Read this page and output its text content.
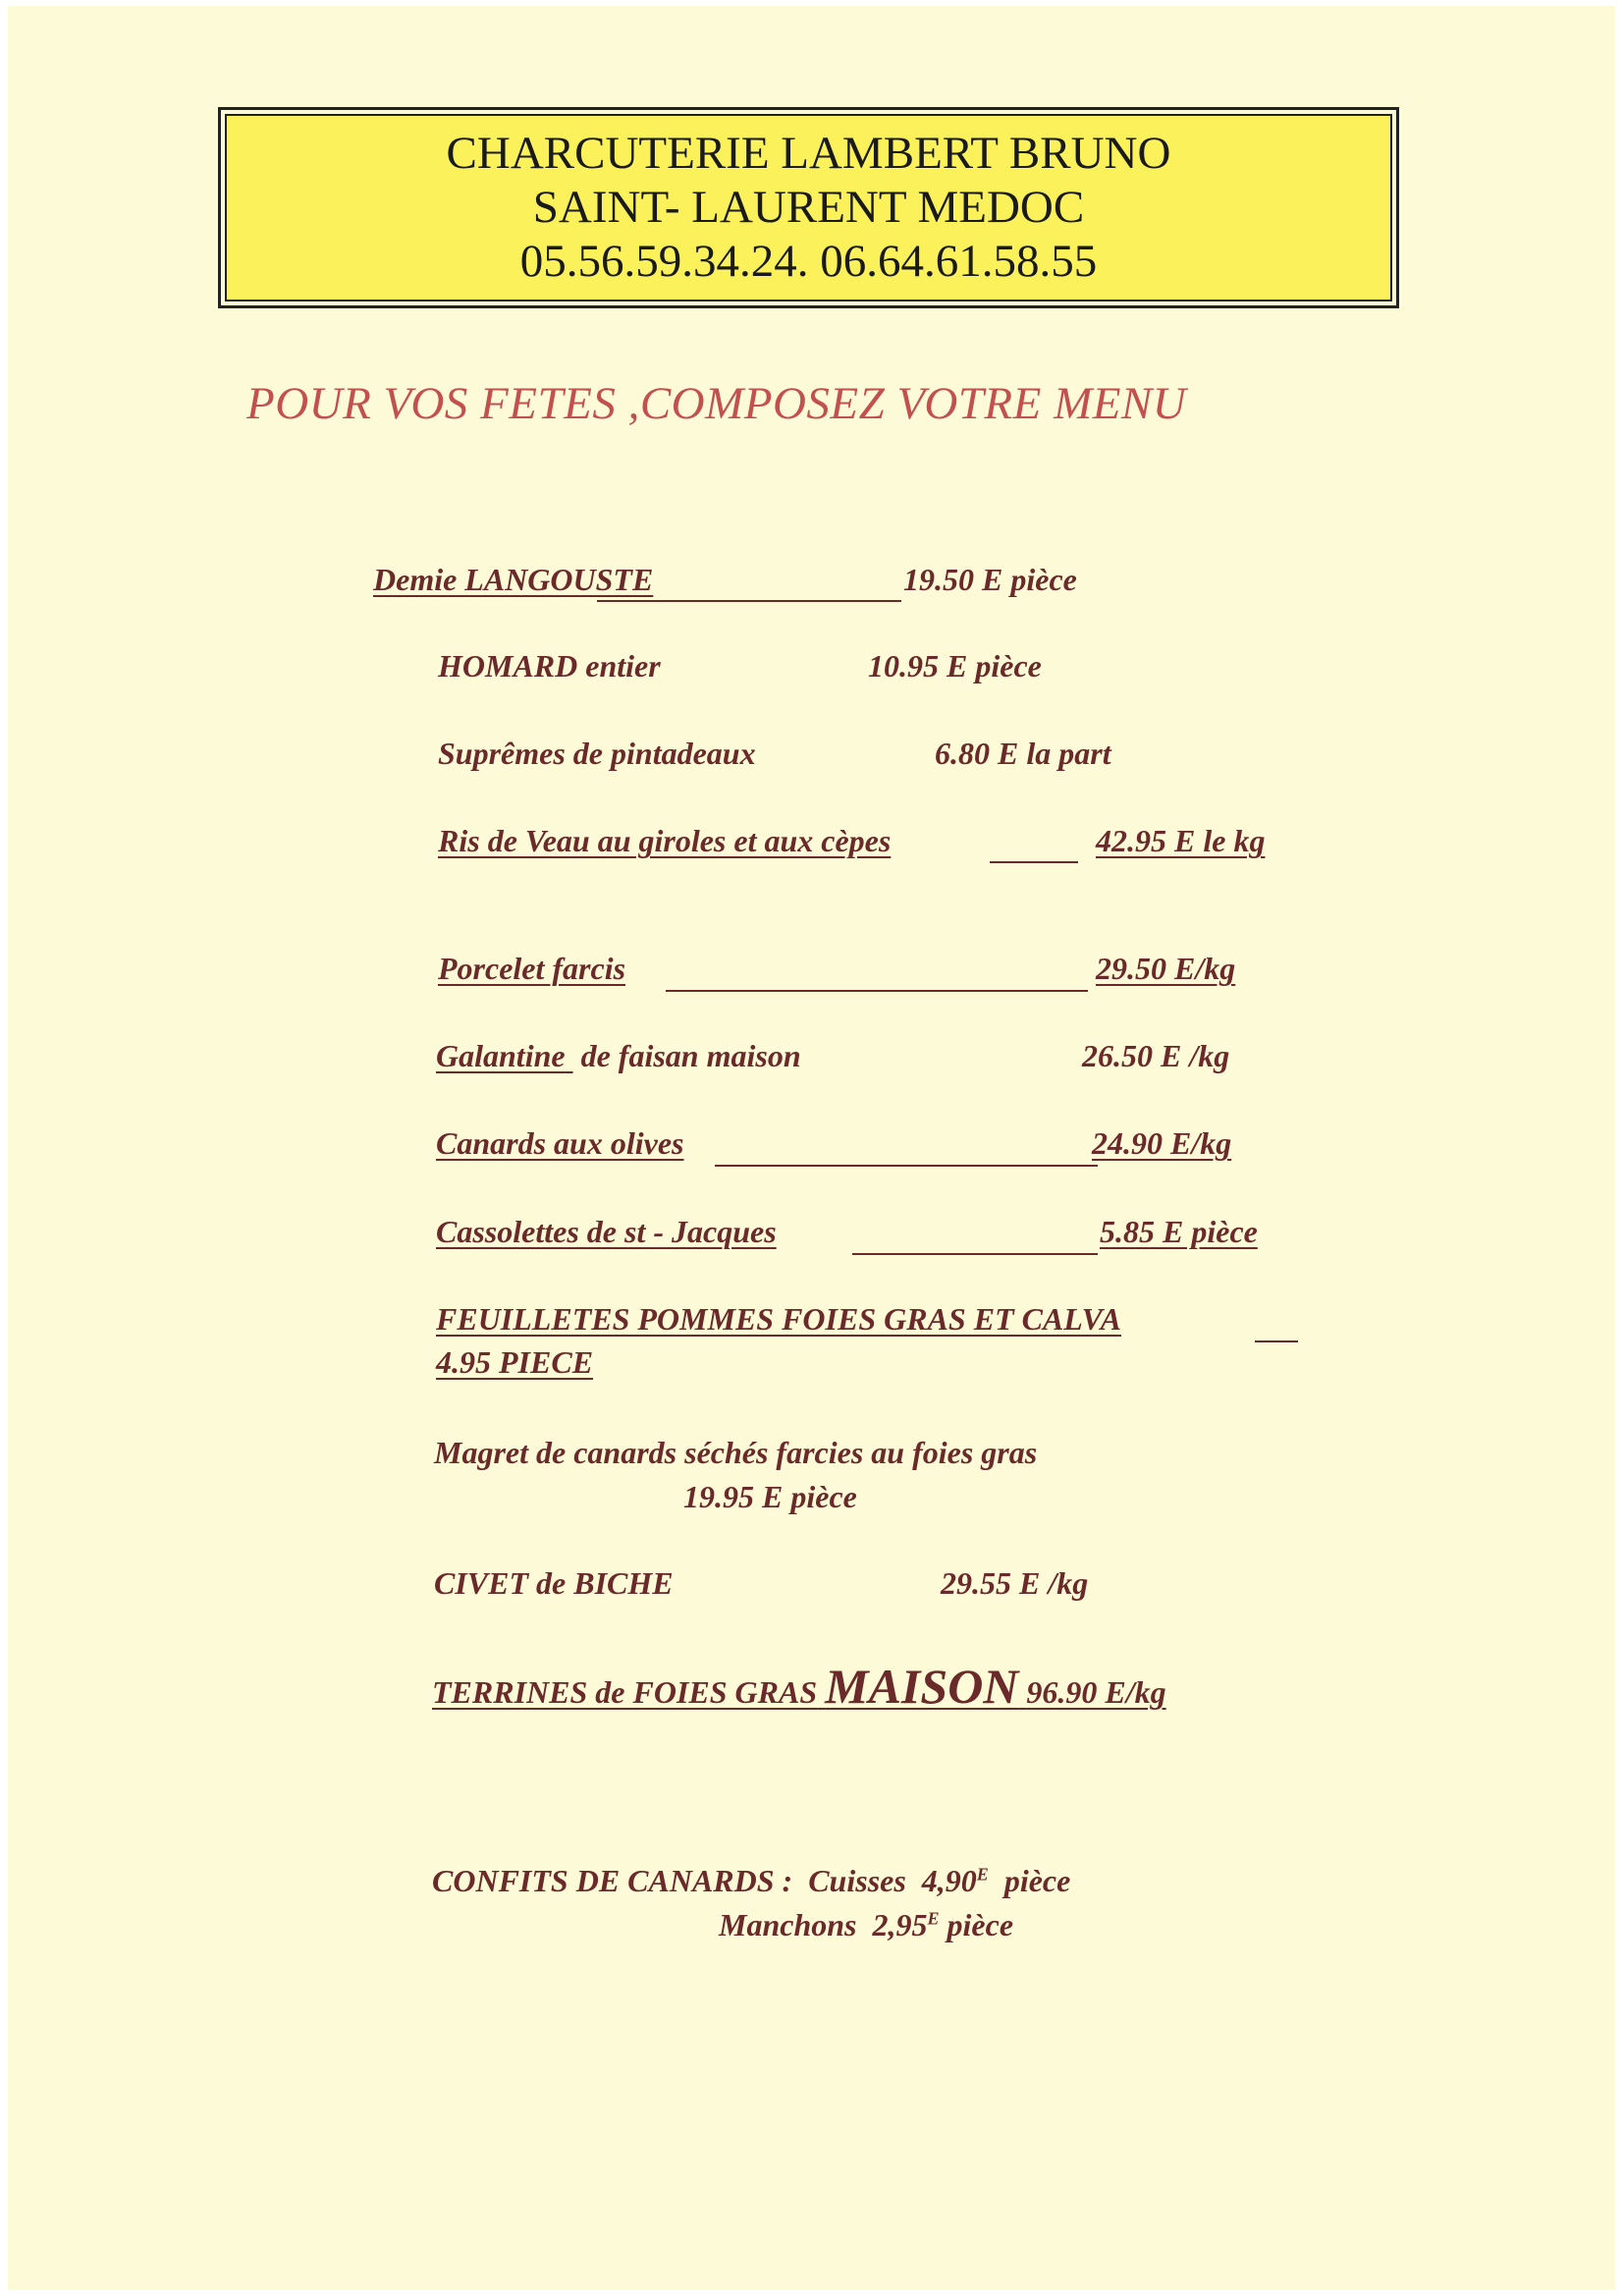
CHARCUTERIE LAMBERT BRUNO
SAINT- LAURENT MEDOC
05.56.59.34.24. 06.64.61.58.55
POUR VOS FETES ,COMPOSEZ VOTRE MENU
Demie LANGOUSTE	19.50 E pièce
HOMARD entier	10.95 E pièce
Suprêmes de pintadeaux	6.80 E la part
Ris de Veau au giroles et aux cèpes	42.95 E le kg
Porcelet farcis	29.50 E/kg
Galantine  de faisan maison	26.50 E /kg
Canards aux olives	24.90 E/kg
Cassolettes de st - Jacques	5.85 E pièce
FEUILLETES POMMES FOIES GRAS ET CALVA
4.95 PIECE
Magret de canards séchés farcies au foies gras
19.95 E pièce
CIVET de BICHE	29.55 E /kg
TERRINES de FOIES GRAS MAISON 96.90 E/kg
CONFITS DE CANARDS : Cuisses $4,90^E$ pièce
Manchons $2,95^E$ pièce
